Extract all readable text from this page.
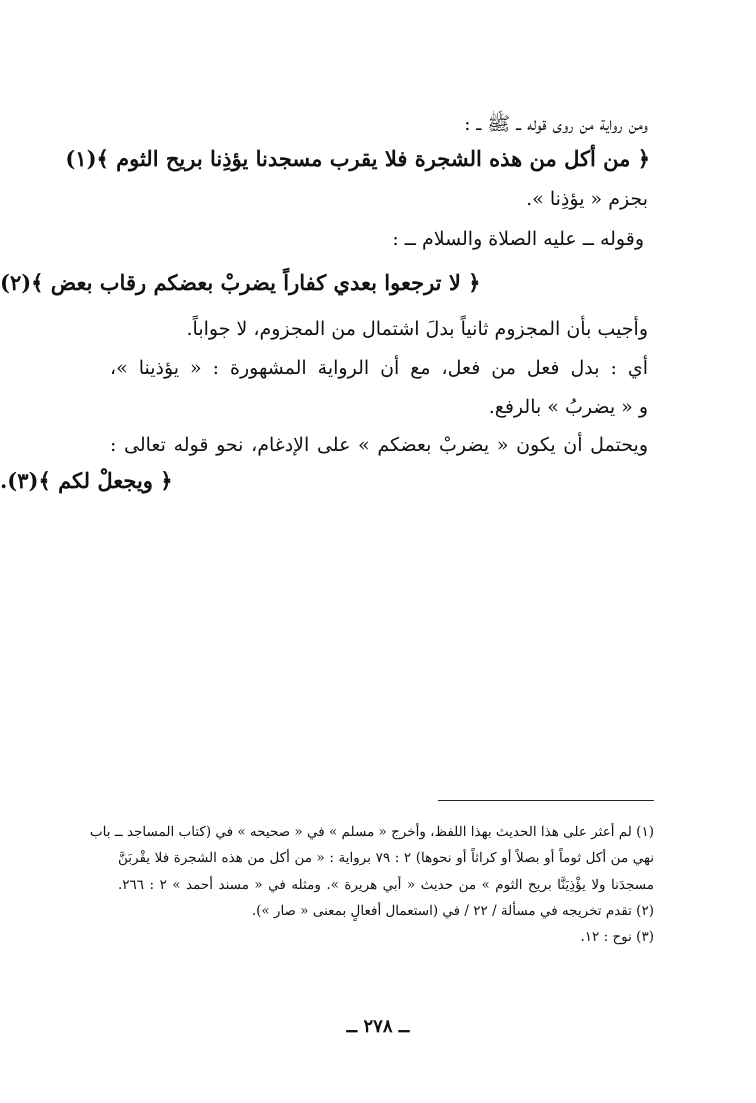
ومن رواية من روى قوله ــ ﷺ ــ :
﴿ من أكل من هذه الشجرة فلا يقرب مسجدنا يؤذِنا بريح الثوم ﴾(١)
بجزم « يؤذِنا ».
وقوله ــ عليه الصلاة والسلام ــ :
﴿ لا ترجعوا بعدي كفاراً يضربْ بعضكم رقاب بعض ﴾(٢)
وأجيب بأن المجزوم ثانياً بدلَ اشتمال من المجزوم، لا جواباً.
أي : بدل فعل من فعل، مع أن الرواية المشهورة : « يؤذينا »،
و « يضربُ » بالرفع.
ويحتمل أن يكون « يضربْ بعضكم » على الإدغام، نحو قوله تعالى :
﴿ ويجعلْ لكم ﴾(٣).
(١) لم أعثر على هذا الحديث بهذا اللفظ، وأخرج « مسلم » في « صحيحه » في (كتاب المساجد ــ باب
نهي من أكل ثوماً أو بصلاً أو كراثاً أو نحوها) ٢ : ٧٩ برواية : « من أكل من هذه الشجرة فلا يقْربَنَّ
مسجدَنا ولا يؤْذِيَنَّا بريح الثوم » من حديث « أبي هريرة ». ومثله في « مسند أحمد » ٢ : ٢٦٦.
(٢) تقدم تخريجه في مسألة / ٢٢ / في (استعمال أفعالٍ بمعنى « صار »).
(٣) نوح : ١٢.
ــ ٢٧٨ ــ
